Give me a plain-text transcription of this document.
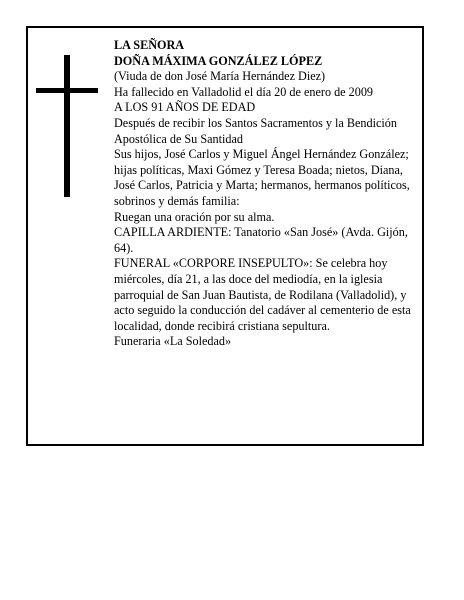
LA SEÑORA

DOÑA MÁXIMA GONZÁLEZ LÓPEZ

(Viuda de don José María Hernández Diez)

Ha fallecido en Valladolid el día 20 de enero de 2009

A LOS 91 AÑOS DE EDAD

Después de recibir los Santos Sacramentos y la Bendición Apostólica de Su Santidad

Sus hijos, José Carlos y Miguel Ángel Hernández González; hijas políticas, Maxi Gómez y Teresa Boada; nietos, Diana, José Carlos, Patricia y Marta; hermanos, hermanos políticos, sobrinos y demás familia:

Ruegan una oración por su alma.

CAPILLA ARDIENTE: Tanatorio «San José» (Avda. Gijón, 64).

FUNERAL «CORPORE INSEPULTO»: Se celebra hoy miércoles, día 21, a las doce del mediodía, en la iglesia parroquial de San Juan Bautista, de Rodilana (Valladolid), y acto seguido la conducción del cadáver al cementerio de esta localidad, donde recibirá cristiana sepultura.

Funeraria «La Soledad»
